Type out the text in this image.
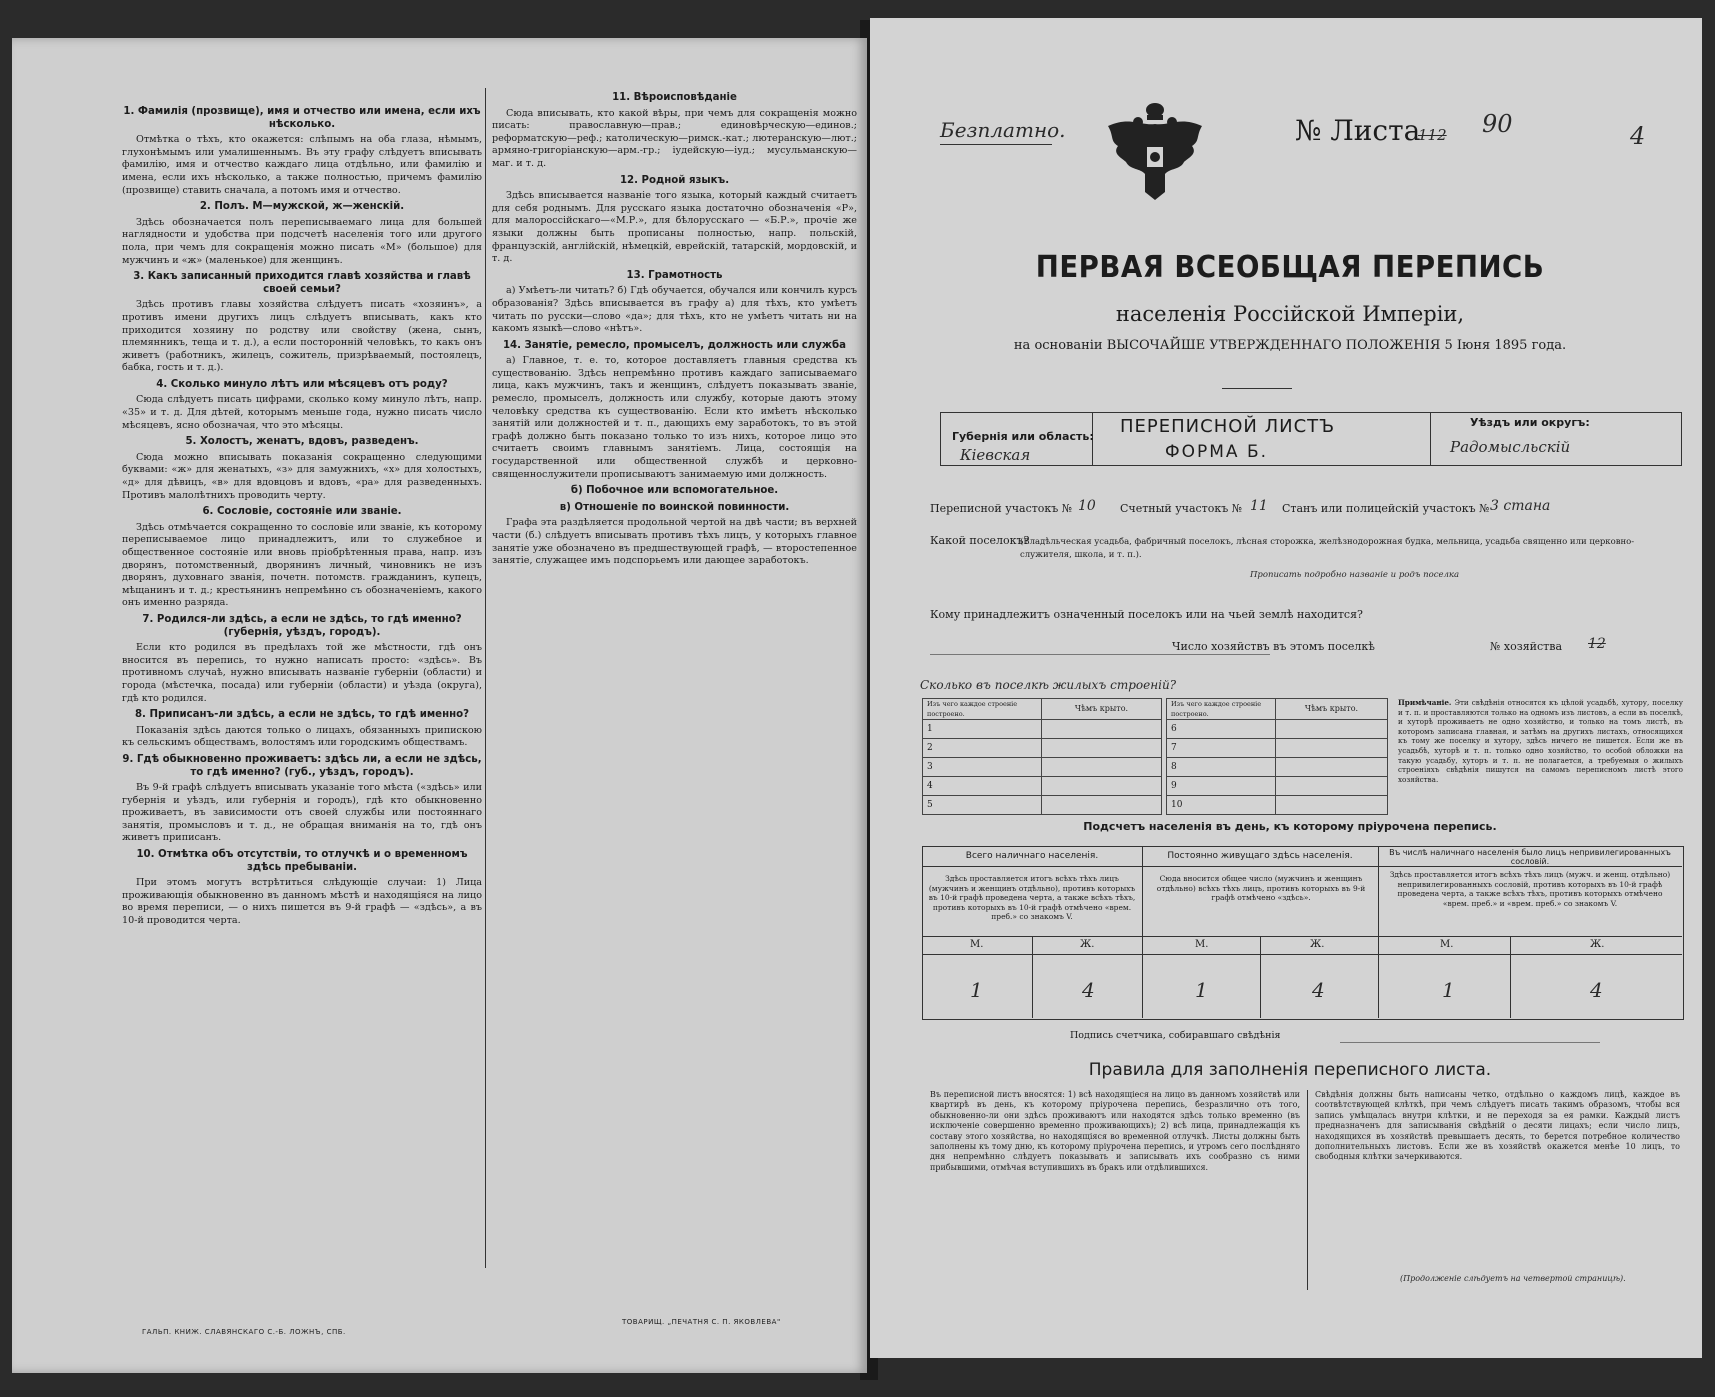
1. Фамилія (прозвище), имя и отчество или имена, если ихъ нѣсколько.

Отмѣтка о тѣхъ, кто окажется: слѣпымъ на оба глаза, нѣмымъ, глухонѣмымъ или умалишеннымъ. Въ эту графу слѣдуетъ вписывать фамилію, имя и отчество каждаго лица отдѣльно, или фамилію и имена, если ихъ нѣсколько, а также полностью, причемъ фамилію (прозвище) ставить сначала, а потомъ имя и отчество.

2. Полъ. М—мужской, ж—женскій.

Здѣсь обозначается полъ переписываемаго лица для большей наглядности и удобства при подсчетѣ населенія того или другого пола, при чемъ для сокращенія можно писать «М» (большое) для мужчинъ и «ж» (маленькое) для женщинъ.

3. Какъ записанный приходится главѣ хозяйства и главѣ своей семьи?

Здѣсь противъ главы хозяйства слѣдуетъ писать «хозяинъ», а противъ имени другихъ лицъ слѣдуетъ вписывать, какъ кто приходится хозяину по родству или свойству (жена, сынъ, племянникъ, теща и т. д.), а если посторонній человѣкъ, то какъ онъ живетъ (работникъ, жилецъ, сожитель, призрѣваемый, постоялецъ, бабка, гость и т. д.).

4. Сколько минуло лѣтъ или мѣсяцевъ отъ роду?

Сюда слѣдуетъ писать цифрами, сколько кому минуло лѣтъ, напр. «35» и т. д. Для дѣтей, которымъ меньше года, нужно писать число мѣсяцевъ, ясно обозначая, что это мѣсяцы.

5. Холостъ, женатъ, вдовъ, разведенъ.

Сюда можно вписывать показанія сокращенно следующими буквами: «ж» для женатыхъ, «з» для замужнихъ, «х» для холостыхъ, «д» для дѣвицъ, «в» для вдовцовъ и вдовъ, «ра» для разведенныхъ. Противъ малолѣтнихъ проводить черту.

6. Сословіе, состояніе или званіе.

Здѣсь отмѣчается сокращенно то сословіе или званіе, къ которому переписываемое лицо принадлежитъ, или то служебное и общественное состояніе или вновь пріобрѣтенныя права, напр. изъ дворянъ, потомственный, дворянинъ личный, чиновникъ не изъ дворянъ, духовнаго званія, почетн. потомств. гражданинъ, купецъ, мѣщанинъ и т. д.; крестьянинъ непремѣнно съ обозначеніемъ, какого онъ именно разряда.

7. Родился-ли здѣсь, а если не здѣсь, то гдѣ именно? (губернія, уѣздъ, городъ).

Если кто родился въ предѣлахъ той же мѣстности, гдѣ онъ вносится въ перепись, то нужно написать просто: «здѣсь». Въ противномъ случаѣ, нужно вписывать названіе губерніи (области) и города (мѣстечка, посада) или губерніи (области) и уѣзда (округа), гдѣ кто родился.

8. Приписанъ-ли здѣсь, а если не здѣсь, то гдѣ именно?

Показанія здѣсь даются только о лицахъ, обязанныхъ припискою къ сельскимъ обществамъ, волостямъ или городскимъ обществамъ.

9. Гдѣ обыкновенно проживаетъ: здѣсь ли, а если не здѣсь, то гдѣ именно? (губ., уѣздъ, городъ).

Въ 9-й графѣ слѣдуетъ вписывать указаніе того мѣста («здѣсь» или губернія и уѣздъ, или губернія и городъ), гдѣ кто обыкновенно проживаетъ, въ зависимости отъ своей службы или постояннаго занятія, промысловъ и т. д., не обращая вниманія на то, гдѣ онъ живетъ приписанъ.

10. Отмѣтка объ отсутствіи, то отлучкѣ и о временномъ здѣсь пребываніи.

При этомъ могутъ встрѣтиться слѣдующіе случаи: 1) Лица проживающія обыкновенно въ данномъ мѣстѣ и находящіяся на лицо во время переписи, — о нихъ пишется въ 9-й графѣ — «здѣсь», а въ 10-й проводится черта.

11. Вѣроисповѣданіе

Сюда вписывать, кто какой вѣры, при чемъ для сокращенія можно писать: православную—прав.; единовѣрческую—единов.; реформатскую—реф.; католическую—римск.-кат.; лютеранскую—лют.; армяно-григоріанскую—арм.-гр.; іудейскую—іуд.; мусульманскую—маг. и т. д.

12. Родной языкъ.

Здѣсь вписывается названіе того языка, который каждый считаетъ для себя роднымъ. Для русскаго языка достаточно обозначенія «Р», для малороссійскаго—«М.Р.», для бѣлорусскаго — «Б.Р.», прочіе же языки должны быть прописаны полностью, напр. польскій, французскій, англійскій, нѣмецкій, еврейскій, татарскій, мордовскій, и т. д.

13. Грамотность

а) Умѣетъ-ли читать? б) Гдѣ обучается, обучался или кончилъ курсъ образованія? Здѣсь вписывается въ графу а) для тѣхъ, кто умѣетъ читать по русски—слово «да»; для тѣхъ, кто не умѣетъ читать ни на какомъ языкѣ—слово «нѣтъ».

14. Занятіе, ремесло, промыселъ, должность или служба

а) Главное, т. е. то, которое доставляетъ главныя средства къ существованію. Здѣсь непремѣнно противъ каждаго записываемаго лица, какъ мужчинъ, такъ и женщинъ, слѣдуетъ показывать званіе, ремесло, промыселъ, должность или службу, которые даютъ этому человѣку средства къ существованію. Если кто имѣетъ нѣсколько занятій или должностей и т. п., дающихъ ему заработокъ, то въ этой графѣ должно быть показано только то изъ нихъ, которое лицо это считаетъ своимъ главнымъ занятіемъ. Лица, состоящія на государственной или общественной службѣ и церковно-священнослужители прописываютъ занимаемую ими должность.

б) Побочное или вспомогательное.
в) Отношеніе по воинской повинности.

Графа эта раздѣляется продольной чертой на двѣ части; въ верхней части (б.) слѣдуетъ вписывать противъ тѣхъ лицъ, у которыхъ главное занятіе уже обозначено въ предшествующей графѣ, — второстепенное занятіе, служащее имъ подспорьемъ или дающее заработокъ.

ГАЛЬП. КНИЖ. СЛАВЯНСКАГО С.-Б. ЛОЖНЪ, СПБ.
ТОВАРИЩ. „ПЕЧАТНЯ С. П. ЯКОВЛЕВА"
Безплатно.	№ Листа
112 90	4
ПЕРВАЯ ВСЕОБЩАЯ ПЕРЕПИСЬ
населенія Россійской Имперіи,
на основаніи ВЫСОЧАЙШЕ УТВЕРЖДЕННАГО ПОЛОЖЕНІЯ 5 Іюня 1895 года.
Губернія или область:
Кіевская
ПЕРЕПИСНОЙ ЛИСТЪ
ФОРМА Б.
Уѣздъ или округъ:
Радомысльскій
Переписной участокъ № 10 Счетный участокъ № 11 Станъ или полицейскій участокъ № 3 стана
Какой поселокъ?
(Владѣльческая усадьба, фабричный поселокъ, лѣсная сторожка, желѣзнодорожная будка, мельница, усадьба священно или церковно-служителя, школа, и т. п.).
Прописать подробно названіе и родъ поселка
Кому принадлежитъ означенный поселокъ или на чьей землѣ находится?
Число хозяйствъ въ этомъ поселкѣ	№ хозяйства 12
Сколько въ поселкѣ жилыхъ строеній?
Изъ чего каждое строеніе построено.	Чѣмъ крыто.
1	
2	
3	
4	
5	
Изъ чего каждое строеніе построено.	Чѣмъ крыто.
6	
7	
8	
9	
10	
Примѣчаніе. Эти свѣдѣнія относятся къ цѣлой усадьбѣ, хутору, поселку и т. п. и проставляются только на одномъ изъ листовъ, а если въ поселкѣ, и хуторѣ проживаетъ не одно хозяйство, и только на томъ листѣ, въ которомъ записана главная, и затѣмъ на другихъ листахъ, относящихся къ тому же поселку и хутору, здѣсь ничего не пишется. Если же въ усадьбѣ, хуторѣ и т. п. только одно хозяйство, то особой обложки на такую усадьбу, хуторъ и т. п. не полагается, а требуемыя о жилыхъ строеніяхъ свѣдѣнія пишутся на самомъ переписномъ листѣ этого хозяйства.
Подсчетъ населенія въ день, къ которому пріурочена перепись.
Всего наличнаго населенія.	Постоянно живущаго здѣсь населенія.	Въ числѣ наличнаго населенія было лицъ непривилегированныхъ сословій.
Здѣсь проставляется итогъ всѣхъ тѣхъ лицъ (мужчинъ и женщинъ отдѣльно), противъ которыхъ въ 10-й графѣ проведена черта, а также всѣхъ тѣхъ, противъ которыхъ въ 10-й графѣ отмѣчено «врем. преб.» со знакомъ V.
Сюда вносится общее число (мужчинъ и женщинъ отдѣльно) всѣхъ тѣхъ лицъ, противъ которыхъ въ 9-й графѣ отмѣчено «здѣсь».
Здѣсь проставляется итогъ всѣхъ тѣхъ лицъ (мужч. и женщ. отдѣльно) непривилегированныхъ сословій, противъ которыхъ въ 10-й графѣ проведена черта, а также всѣхъ тѣхъ, противъ которыхъ отмѣчено «врем. преб.» и «врем. преб.» со знакомъ V.
М.	Ж.	М.	Ж.	М.	Ж.
1	4	1	4	1	4
Подпись счетчика, собиравшаго свѣдѣнія
Правила для заполненія переписного листа.
Въ переписной листъ вносятся: 1) всѣ находящіеся на лицо въ данномъ хозяйствѣ или квартирѣ въ день, къ которому пріурочена перепись, безразлично отъ того, обыкновенно-ли они здѣсь проживаютъ или находятся здѣсь только временно (въ исключеніе совершенно временно проживающихъ); 2) всѣ лица, принадлежащія къ составу этого хозяйства, но находящіяся во временной отлучкѣ. Листы должны быть заполнены къ тому дню, къ которому пріурочена перепись, и утромъ сего послѣдняго дня непремѣнно слѣдуетъ показывать и записывать ихъ сообразно съ ними прибывшими, отмѣчая вступившихъ въ бракъ или отдѣлившихся.
Свѣдѣнія должны быть написаны четко, отдѣльно о каждомъ лицѣ, каждое въ соотвѣтствующей клѣткѣ, при чемъ слѣдуетъ писать такимъ образомъ, чтобы вся запись умѣщалась внутри клѣтки, и не переходя за ея рамки. Каждый листъ предназначенъ для записыванія свѣдѣній о десяти лицахъ; если число лицъ, находящихся въ хозяйствѣ превышаетъ десять, то берется потребное количество дополнительныхъ листовъ. Если же въ хозяйствѣ окажется менѣе 10 лицъ, то свободныя клѣтки зачеркиваются.
(Продолженіе слѣдуетъ на четвертой страницѣ).
